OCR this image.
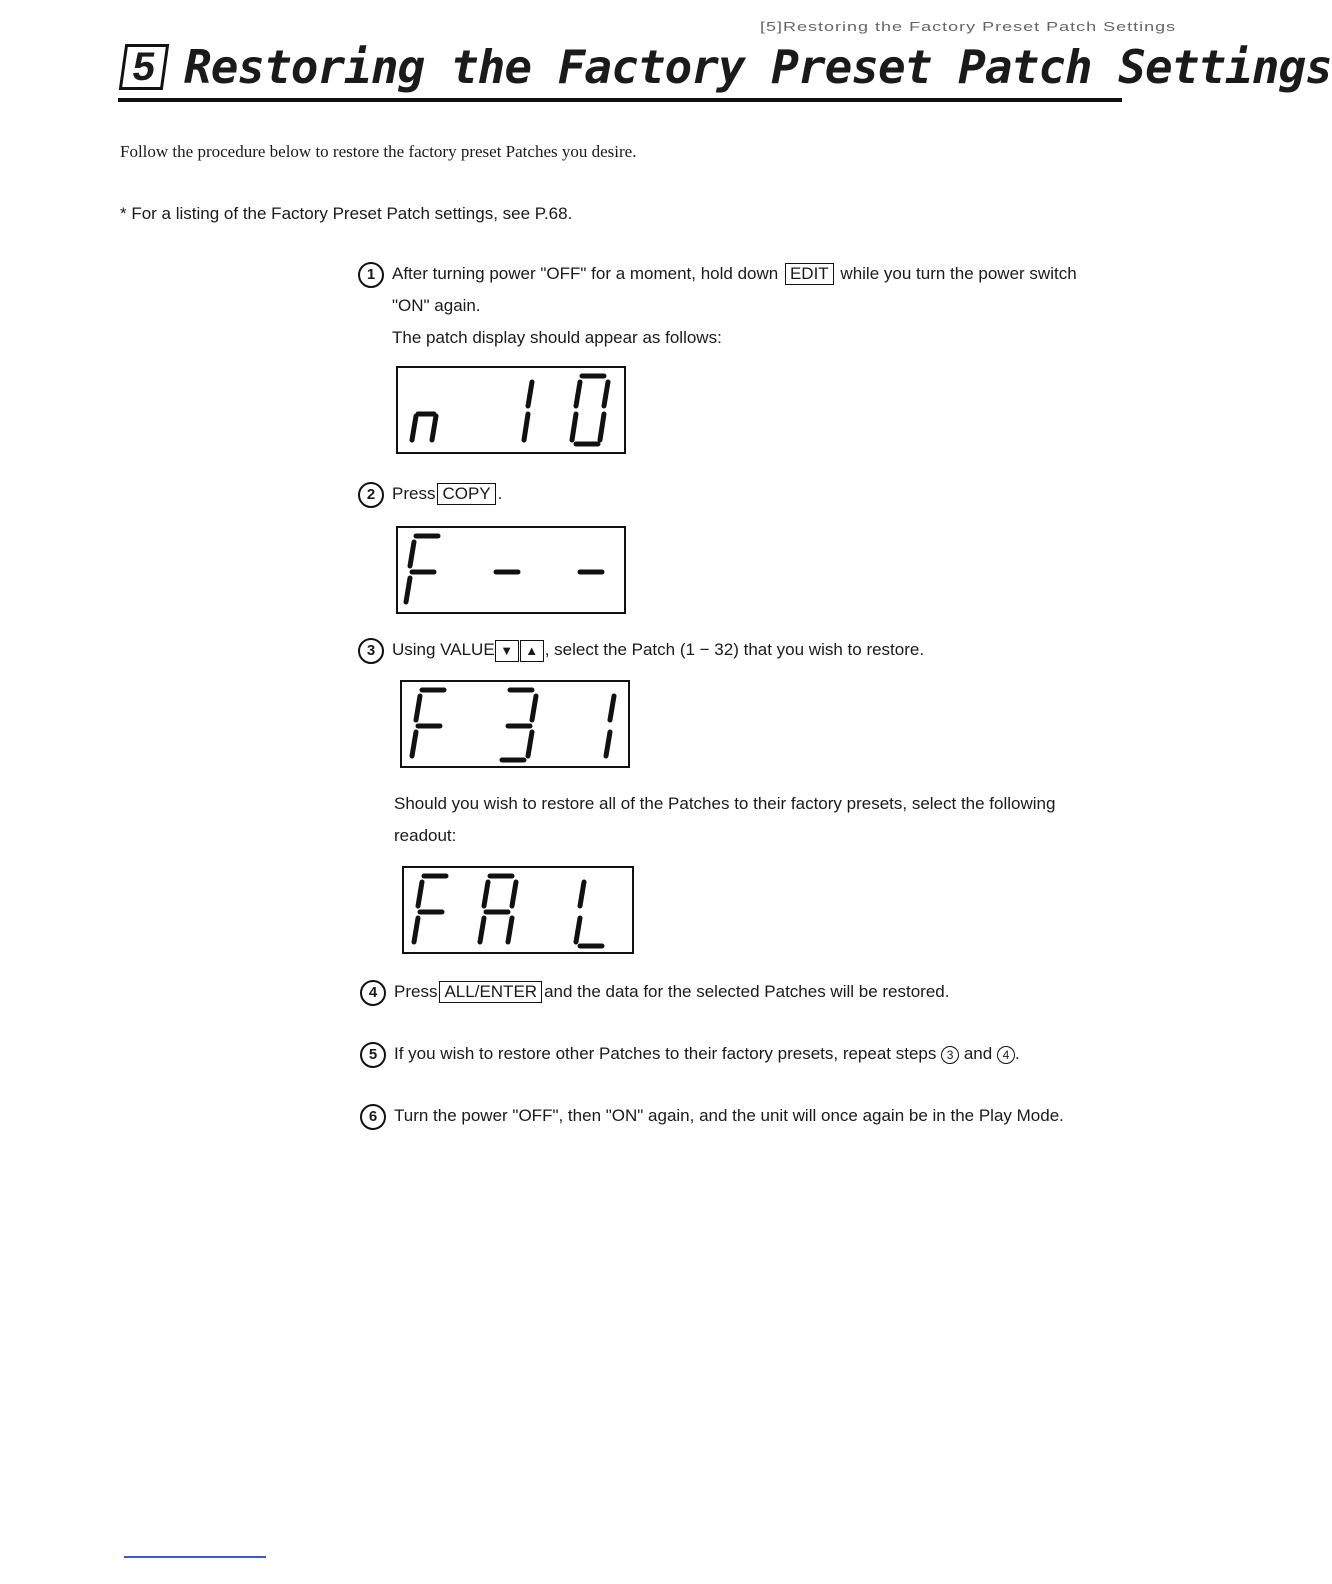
[5]Restoring the Factory Preset Patch Settings
5 Restoring the Factory Preset Patch Settings
Follow the procedure below to restore the factory preset Patches you desire.
* For a listing of the Factory Preset Patch settings, see P.68.
1 After turning power "OFF" for a moment, hold down EDIT while you turn the power switch
"ON" again.
The patch display should appear as follows:
2 Press COPY .
3 Using VALUE ▼ ▲ , select the Patch (1 − 32) that you wish to restore.
Should you wish to restore all of the Patches to their factory presets, select the following
readout:
4 Press ALL/ENTER and the data for the selected Patches will be restored.
5 If you wish to restore other Patches to their factory presets, repeat steps 3 and 4 .
6 Turn the power "OFF", then "ON" again, and the unit will once again be in the Play Mode.
